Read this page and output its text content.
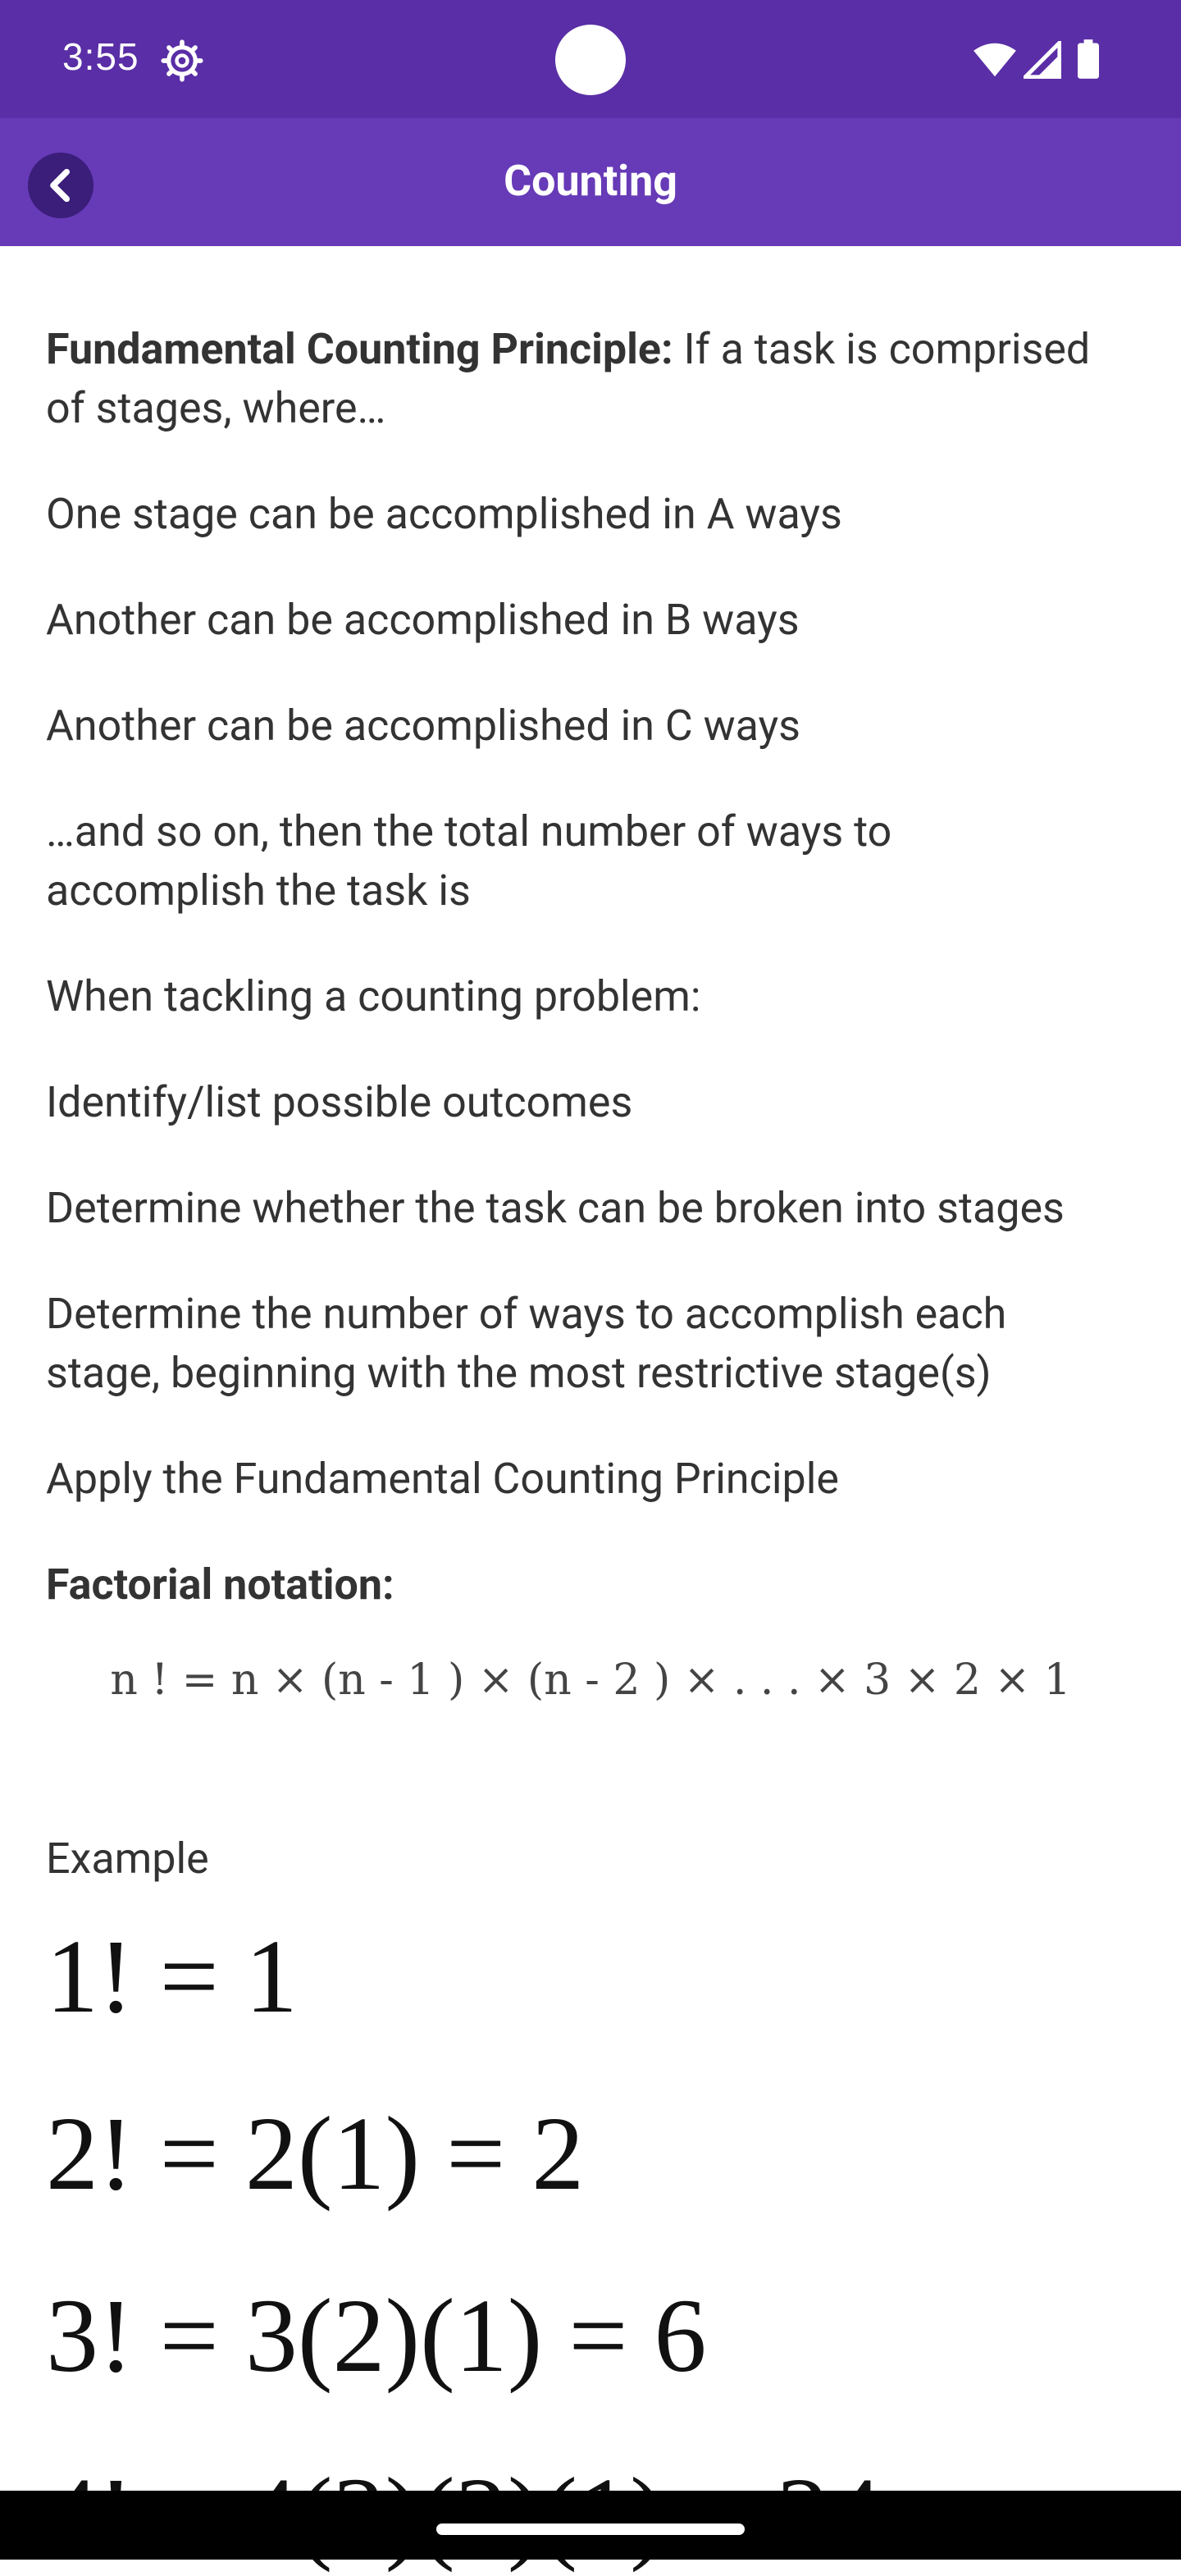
3:55
Counting

Fundamental Counting Principle: If a task is comprised of stages, where…

One stage can be accomplished in A ways

Another can be accomplished in B ways

Another can be accomplished in C ways

…and so on, then the total number of ways to accomplish the task is

When tackling a counting problem:

Identify/list possible outcomes

Determine whether the task can be broken into stages

Determine the number of ways to accomplish each stage, beginning with the most restrictive stage(s)

Apply the Fundamental Counting Principle

Factorial notation:

n ! = n × (n - 1 ) × (n - 2 ) × . . . × 3 × 2 × 1
Example
1! = 1
2! = 2(1) = 2
3! = 3(2)(1) = 6
